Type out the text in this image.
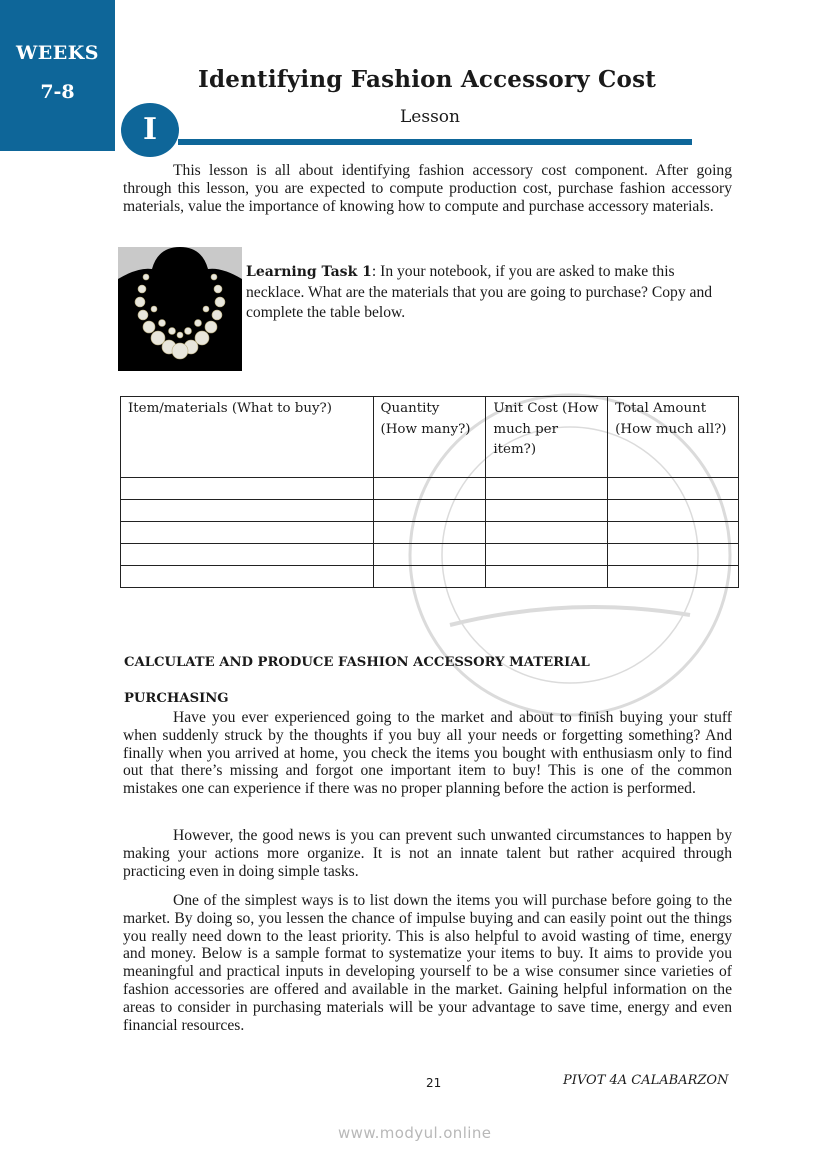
WEEKS
7-8	Identifying Fashion Accessory Cost
Lesson
I
This lesson is all about identifying fashion accessory cost component. After going through this lesson, you are expected to compute production cost, purchase fashion accessory materials, value the importance of knowing how to compute and purchase accessory materials.
Learning Task 1: In your notebook, if you are asked to make this necklace. What are the materials that you are going to purchase? Copy and complete the table below.
Item/materials (What to buy?)	Quantity (How many?)	Unit Cost (How much per item?)	Total Amount (How much all?)

CALCULATE AND PRODUCE FASHION ACCESSORY MATERIAL
PURCHASING
Have you ever experienced going to the market and about to finish buying your stuff when suddenly struck by the thoughts if you buy all your needs or forgetting something? And finally when you arrived at home, you check the items you bought with enthusiasm only to find out that there’s missing and forgot one important item to buy! This is one of the common mistakes one can experience if there was no proper planning before the action is performed.
However, the good news is you can prevent such unwanted circumstances to happen by making your actions more organize. It is not an innate talent but rather acquired through practicing even in doing simple tasks.
One of the simplest ways is to list down the items you will purchase before going to the market. By doing so, you lessen the chance of impulse buying and can easily point out the things you really need down to the least priority. This is also helpful to avoid wasting of time, energy and money. Below is a sample format to systematize your items to buy. It aims to provide you meaningful and practical inputs in developing yourself to be a wise consumer since varieties of fashion accessories are offered and available in the market. Gaining helpful information on the areas to consider in purchasing materials will be your advantage to save time, energy and even financial resources.
21	PIVOT 4A CALABARZON
www.modyul.online
